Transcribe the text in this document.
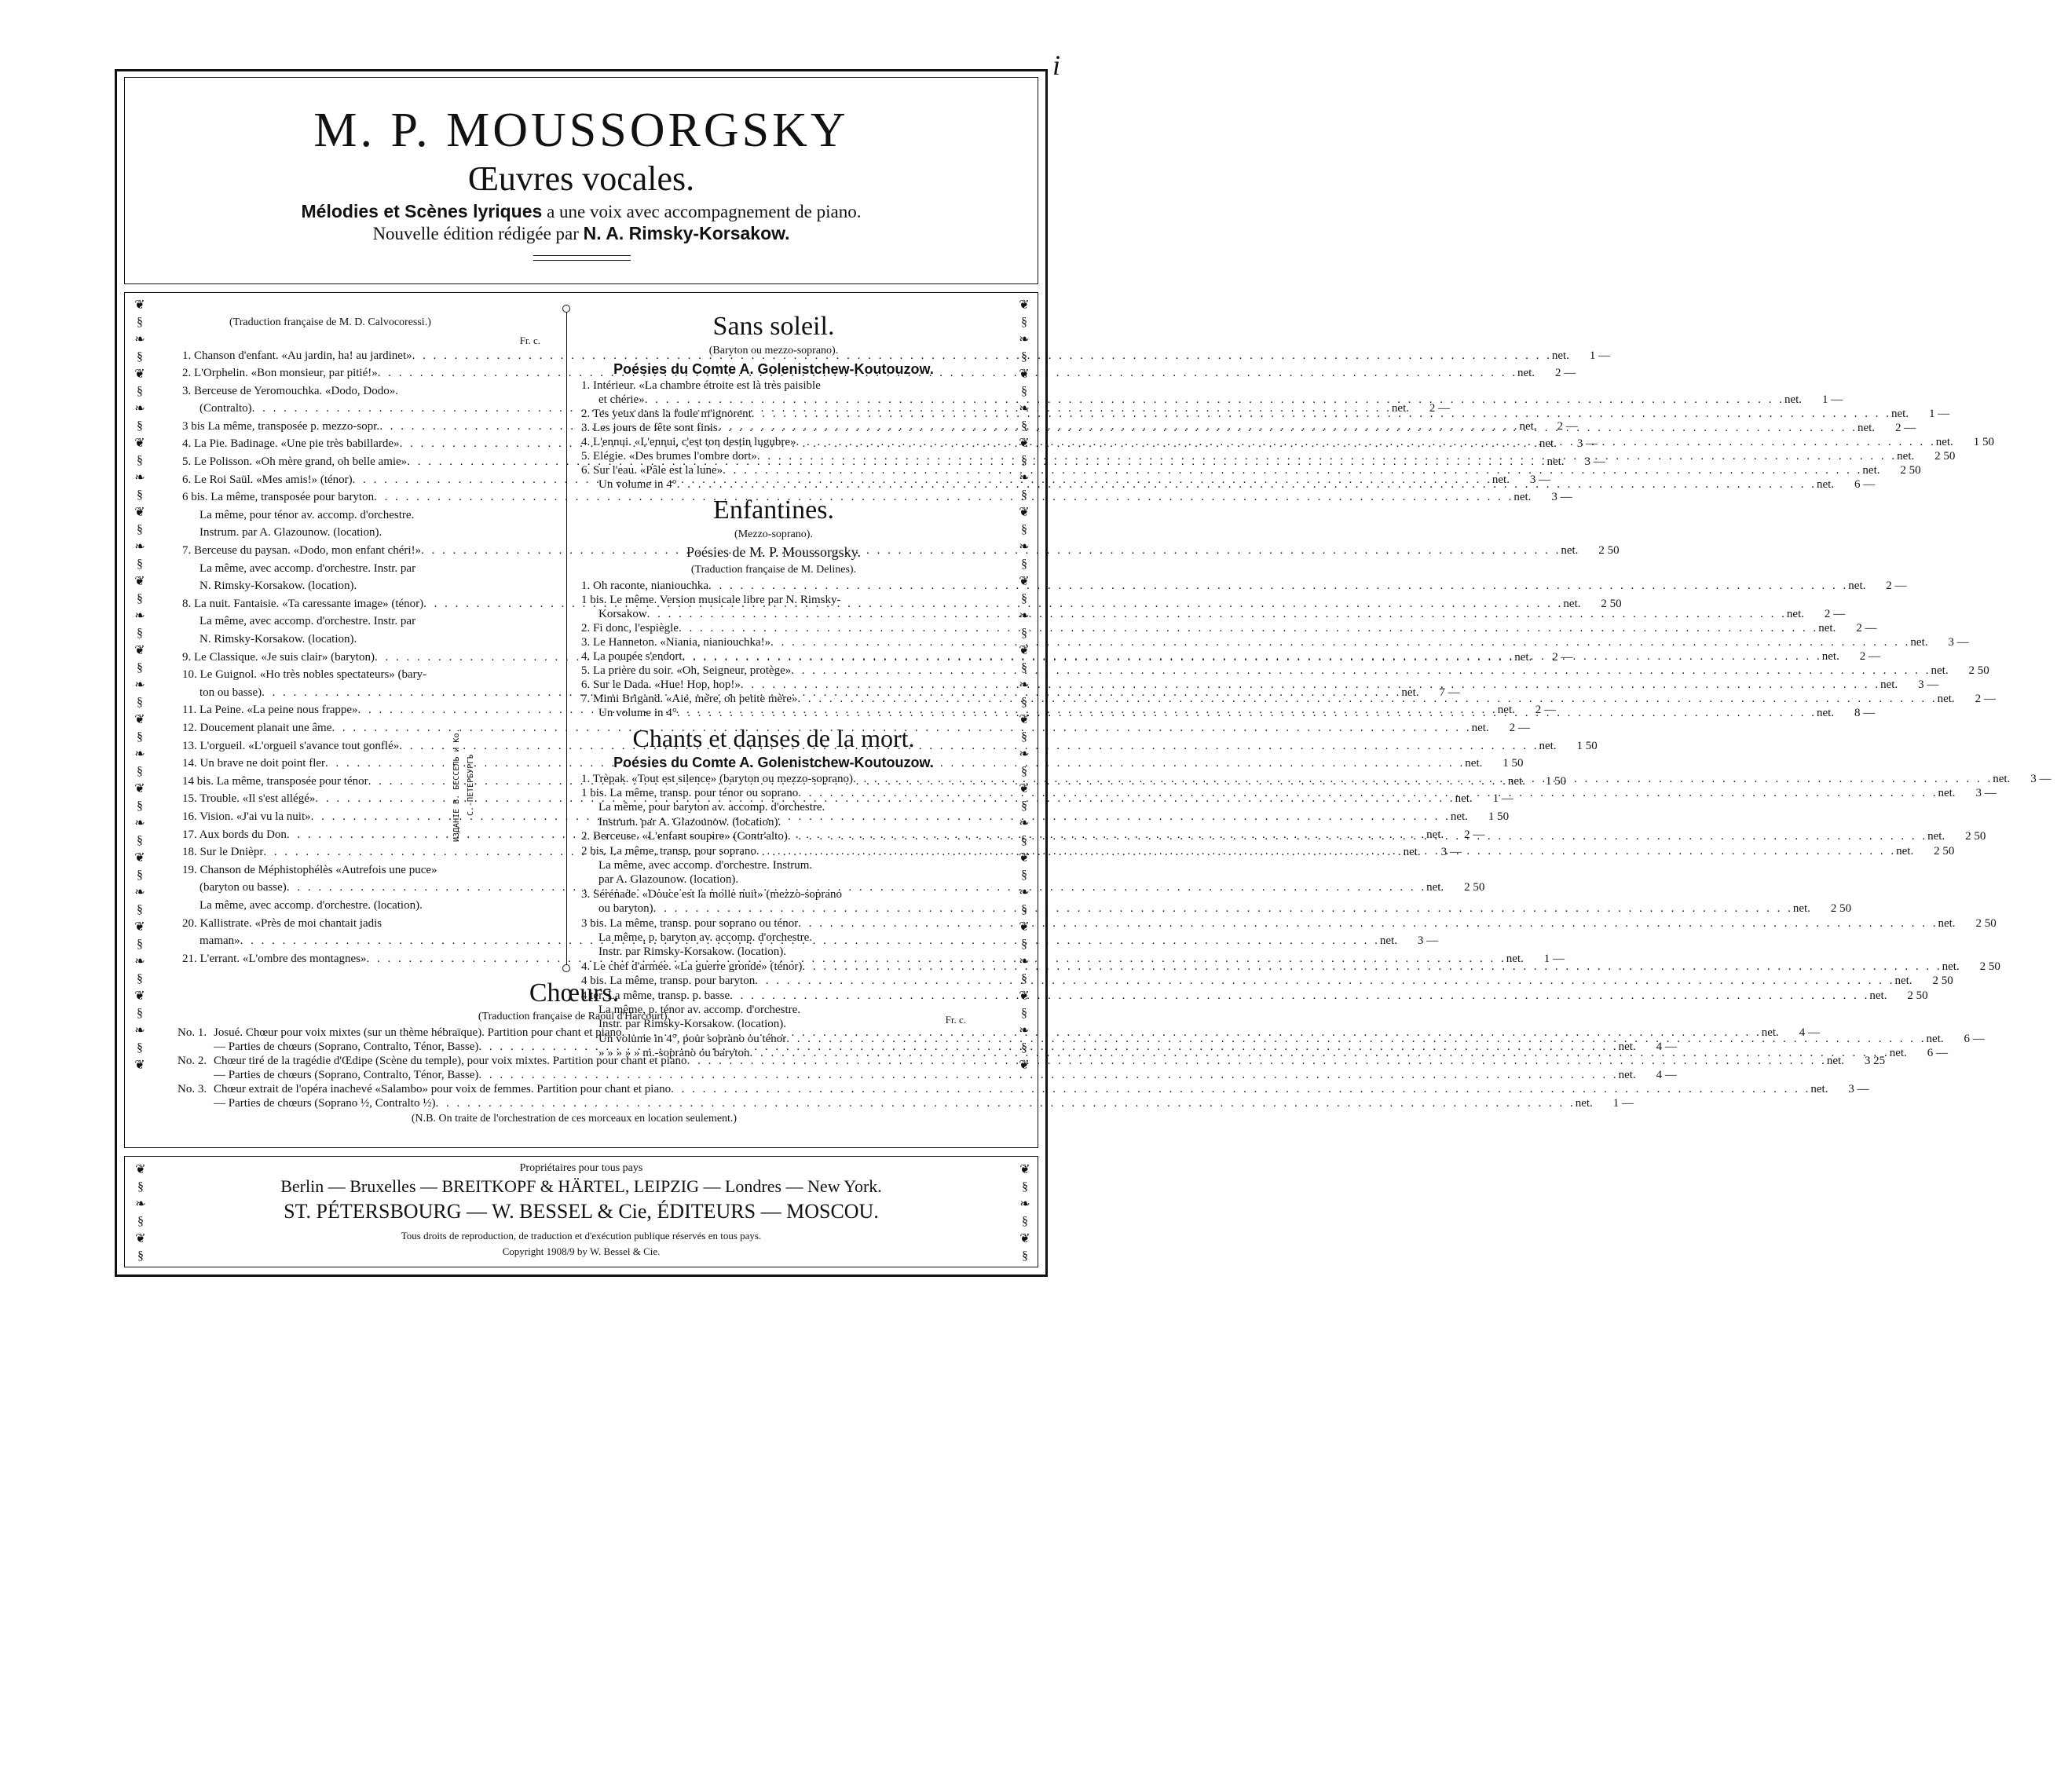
i
M. P. MOUSSORGSKY
Œuvres vocales.
Mélodies et Scènes lyriques a une voix avec accompagnement de piano.
Nouvelle édition rédigée par N. A. Rimsky-Korsakow.
❦
§
❧
§
❦
§
❧
§
❦
§
❧
§
❦
§
❧
§
❦
§
❧
§
❦
§
❧
§
❦
§
❧
§
❦
§
❧
§
❦
§
❧
§
❦
§
❧
§
❦
§
❧
§
❦
❦
§
❧
§
❦
§
❧
§
❦
§
❧
§
❦
§
❧
§
❦
§
❧
§
❦
§
❧
§
❦
§
❧
§
❦
§
❧
§
❦
§
❧
§
❦
§
❧
§
❦
§
❧
§
❦
ИЗДАНІЕ В. БЕССЕЛЬ и Ко. С.-ПЕТЕРБУРГЪ
(Traduction française de M. D. Calvocoressi.)
Fr. c.
1. Chanson d'enfant. «Au jardin, ha! au jardinet» . . .	net.	1 —
2. L'Orphelin. «Bon monsieur, par pitié!» . . .	net.	2 —
3. Berceuse de Yeromouchka. «Dodo, Dodo».
(Contralto) . . .	net.	2 —
3 bis La même, transposée p. mezzo-sopr. . . .	net.	2 —
4. La Pie. Badinage. «Une pie très babillarde» . . .	net.	3 —
5. Le Polisson. «Oh mère grand, oh belle amie» . . .	net.	3 —
6. Le Roi Saül. «Mes amis!» (ténor) . . .	net.	3 —
6 bis. La même, transposée pour baryton . . .	net.	3 —
La même, pour ténor av. accomp. d'orchestre.
Instrum. par A. Glazounow. (location).
7. Berceuse du paysan. «Dodo, mon enfant chéri!» . . .	net.	2 50
La même, avec accomp. d'orchestre. Instr. par
N. Rimsky-Korsakow. (location).
8. La nuit. Fantaisie. «Ta caressante image» (ténor) . . .	net.	2 50
La même, avec accomp. d'orchestre. Instr. par
N. Rimsky-Korsakow. (location).
9. Le Classique. «Je suis clair» (baryton) . . .	net.	2 —
10. Le Guignol. «Ho très nobles spectateurs» (bary-
ton ou basse) . . .	net.	7 —
11. La Peine. «La peine nous frappe» . . .	net.	2 —
12. Doucement planait une âme . . .	net.	2 —
13. L'orgueil. «L'orgueil s'avance tout gonflé» . . .	net.	1 50
14. Un brave ne doit point fler . . .	net.	1 50
14 bis. La même, transposée pour ténor . . .	net.	1 50
15. Trouble. «Il s'est allégé» . . .	net.	1 —
16. Vision. «J'ai vu la nuit» . . .	net.	1 50
17. Aux bords du Don . . .	net.	2 —
18. Sur le Dnièpr . . .	net.	3 —
19. Chanson de Méphistophélès «Autrefois une puce»
(baryton ou basse) . . .	net.	2 50
La même, avec accomp. d'orchestre. (location).
20. Kallistrate. «Près de moi chantait jadis
maman» . . .	net.	3 —
21. L'errant. «L'ombre des montagnes» . . .	net.	1 —
Sans soleil.
(Baryton ou mezzo-soprano).
Poésies du Comte A. Golenistchew-Koutouzow.
1. Intérieur. «La chambre étroite est là très paisible
et chérie» . . .	net.	1 —
2. Tes yeux dans la foule m'ignorent . . .	net.	1 —
3. Les jours de fête sont finis . . .	net.	2 —
4. L'ennui. «L'ennui, c'est ton destin lugubre» . . .	net.	1 50
5. Elégie. «Des brumes l'ombre dort» . . .	net.	2 50
6. Sur l'eau. «Pâle est la lune» . . .	net.	2 50
Un volume in 4° . . .	net.	6 —
Enfantines.
(Mezzo-soprano).
Poésies de M. P. Moussorgsky.
(Traduction française de M. Delines).
1. Oh raconte, nianiouchka . . .	net.	2 —
1 bis. Le même. Version musicale libre par N. Rimsky-
Korsakow . . .	net.	2 —
2. Fi donc, l'espiègle . . .	net.	2 —
3. Le Hanneton. «Niania, nianiouchka!» . . .	net.	3 —
4. La poupée s'endort . . .	net.	2 —
5. La prière du soir. «Oh, Seigneur, protège» . . .	net.	2 50
6. Sur le Dada. «Hue! Hop, hop!» . . .	net.	3 —
7. Mimi Brigand. «Aie, mère, oh petite mère» . . .	net.	2 —
Un volume in 4° . . .	net.	8 —
Chants et danses de la mort.
Poésies du Comte A. Golenistchew-Koutouzow.
1. Trèpak. «Tout est silence» (baryton ou mezzo-soprano) . . .	net.	3 —
1 bis. La même, transp. pour ténor ou soprano . . .	net.	3 —
La même, pour baryton av. accomp. d'orchestre.
Instrum. par A. Glazounow. (location).
2. Berceuse. «L'enfant soupire» (Contr'alto) . . .	net.	2 50
2 bis. La même, transp. pour soprano . . .	net.	2 50
La même, avec accomp. d'orchestre. Instrum.
par A. Glazounow. (location).
3. Sérénade. «Douce est la molle nuit» (mezzo-soprano
ou baryton) . . .	net.	2 50
3 bis. La même, transp. pour soprano ou ténor . . .	net.	2 50
La même, p. baryton av. accomp. d'orchestre.
Instr. par Rimsky-Korsakow. (location).
4. Le chef d'armée. «La guerre gronde» (ténor) . . .	net.	2 50
4 bis. La même, transp. pour baryton . . .	net.	2 50
4 ter. La même, transp. p. basse . . .	net.	2 50
La même, p. ténor av. accomp. d'orchestre.
Instr. par Rimsky-Korsakow. (location).
Un volume in 4°, pour soprano ou ténor . . .	net.	6 —
» » » » » m.-soprano ou baryton . . .	net.	6 —
Chœurs.
(Traduction française de Raoul d'Harcourt).	Fr. c.
No. 1. Josué. Chœur pour voix mixtes (sur un thème hébraïque). Partition pour chant et piano . . .	net.	4 —
— Parties de chœurs (Soprano, Contralto, Ténor, Basse) . . .	net.	4 —
No. 2. Chœur tiré de la tragédie d'Œdipe (Scène du temple), pour voix mixtes. Partition pour chant et piano . . .	net.	3 25
— Parties de chœurs (Soprano, Contralto, Ténor, Basse) . . .	net.	4 —
No. 3. Chœur extrait de l'opéra inachevé «Salambo» pour voix de femmes. Partition pour chant et piano . . .	net.	3 —
— Parties de chœurs (Soprano ½, Contralto ½) . . .	net.	1 —
(N.B. On traite de l'orchestration de ces morceaux en location seulement.)
Propriétaires pour tous pays
Berlin — Bruxelles — BREITKOPF & HÄRTEL, LEIPZIG — Londres — New York.
ST. PÉTERSBOURG — W. BESSEL & Cie, ÉDITEURS — MOSCOU.
Tous droits de reproduction, de traduction et d'exécution publique réservés en tous pays.
Copyright 1908/9 by W. Bessel & Cie.
❦
§
❧
§
❦
§
❦
§
❧
§
❦
§
